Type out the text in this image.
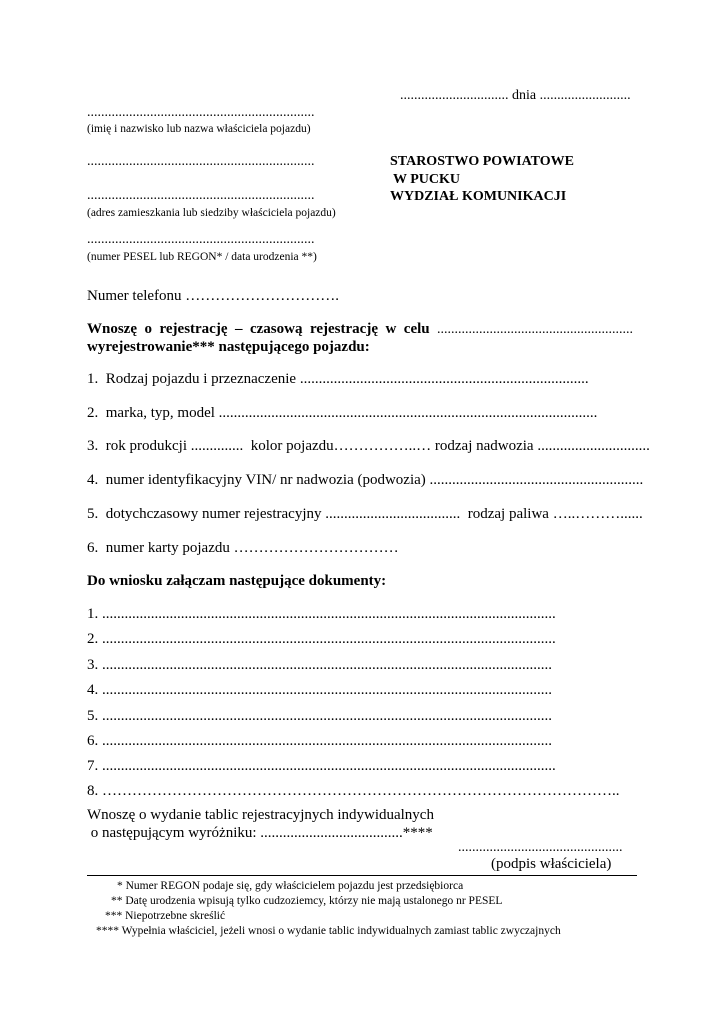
............................... dnia ..........................
.................................................................
(imię i nazwisko lub nazwa właściciela pojazdu)
.................................................................
.................................................................
(adres zamieszkania lub siedziby właściciela pojazdu)
.................................................................
(numer PESEL lub REGON* / data urodzenia **)
STAROSTWO POWIATOWE
W PUCKU
WYDZIAŁ KOMUNIKACJI
Numer telefonu ………………………….
Wnoszę  o  rejestrację  –  czasową  rejestrację  w  celu ........................................................
wyrejestrowanie*** następującego pojazdu:
1.  Rodzaj pojazdu i przeznaczenie .............................................................................
2.  marka, typ, model .....................................................................................................
3.  rok produkcji ..............  kolor pojazdu……………..… rodzaj nadwozia ..............................
4.  numer identyfikacyjny VIN/ nr nadwozia (podwozia) .........................................................
5.  dotychczasowy numer rejestracyjny ....................................  rodzaj paliwa …..………......
6.  numer karty pojazdu ……………………………
Do wniosku załączam następujące dokumenty:
1. .........................................................................................................................
2. .........................................................................................................................
3. ........................................................................................................................
4. ........................................................................................................................
5. ........................................................................................................................
6. ........................................................................................................................
7. .........................................................................................................................
8. …………………………………………………………………………………………..
Wnoszę o wydanie tablic rejestracyjnych indywidualnych
o następującym wyróżniku: ......................................****
...............................................
(podpis właściciela)
* Numer REGON podaje się, gdy właścicielem pojazdu jest przedsiębiorca
** Datę urodzenia wpisują tylko cudzoziemcy, którzy nie mają ustalonego nr PESEL
*** Niepotrzebne skreślić
**** Wypełnia właściciel, jeżeli wnosi o wydanie tablic indywidualnych zamiast tablic zwyczajnych
